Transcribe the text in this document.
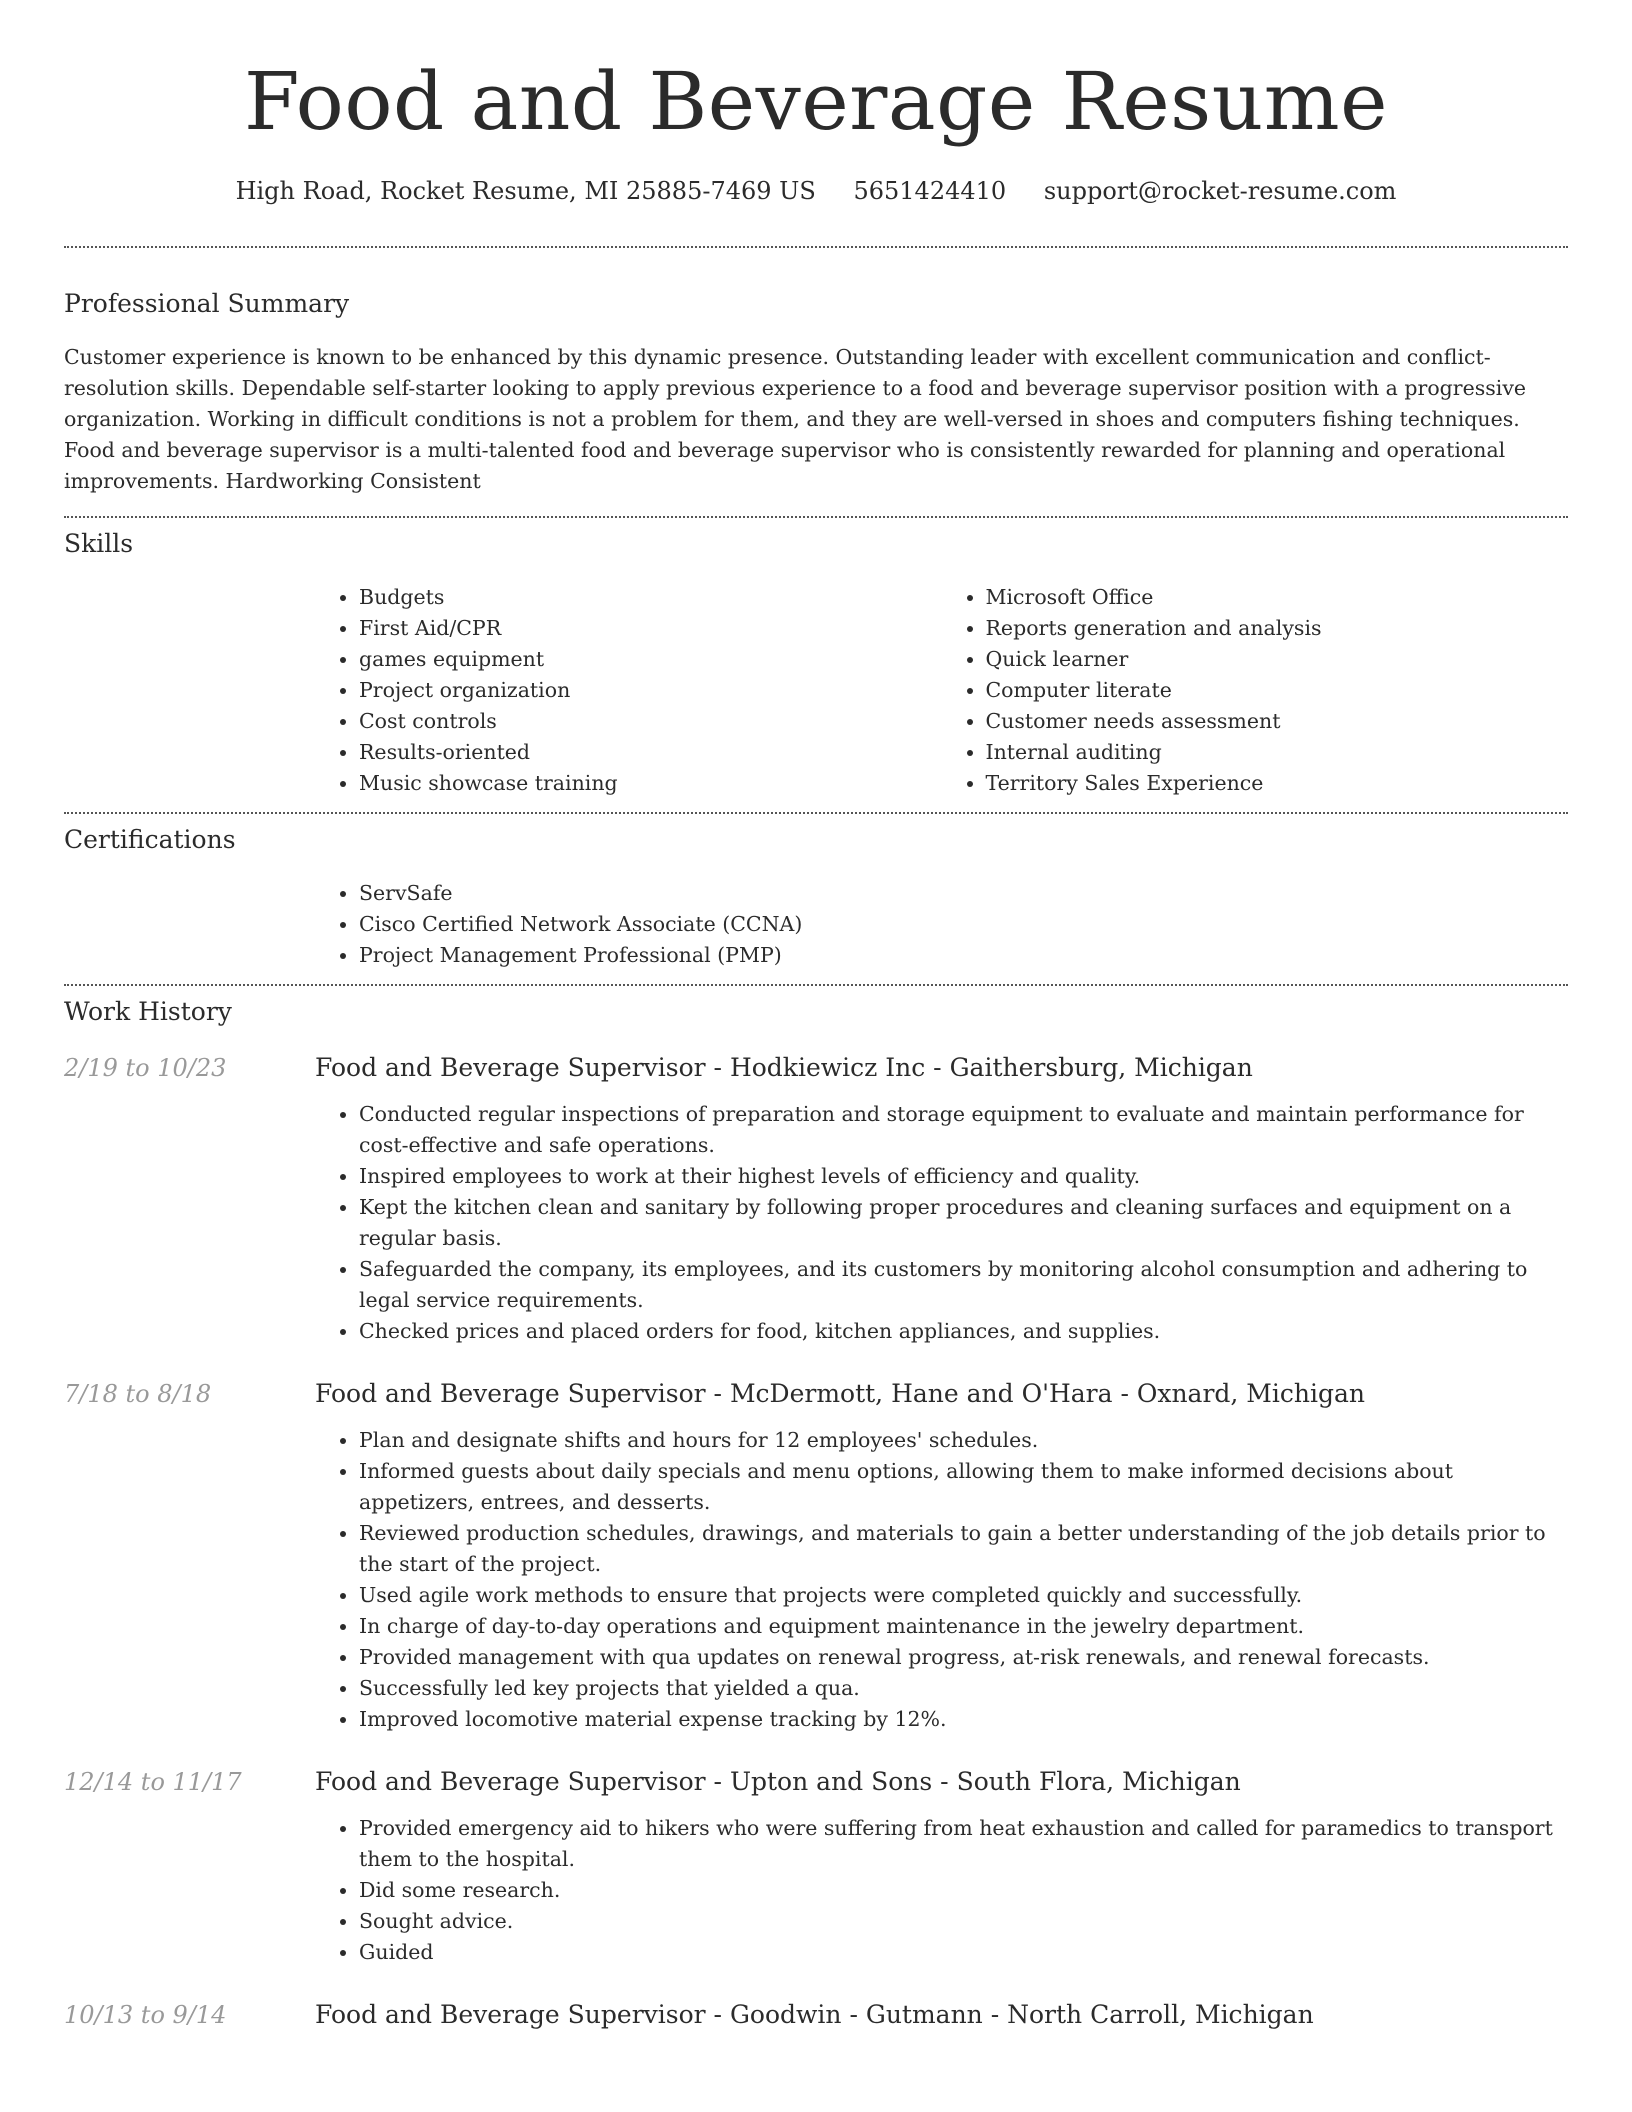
Food and Beverage Resume
High Road, Rocket Resume, MI 25885-7469 US 5651424410 support@rocket-resume.com
Professional Summary

Customer experience is known to be enhanced by this dynamic presence. Outstanding leader with excellent communication and conflict-resolution skills. Dependable self-starter looking to apply previous experience to a food and beverage supervisor position with a progressive organization. Working in difficult conditions is not a problem for them, and they are well-versed in shoes and computers fishing techniques. Food and beverage supervisor is a multi-talented food and beverage supervisor who is consistently rewarded for planning and operational improvements. Hardworking Consistent

Skills
• Budgets
• First Aid/CPR
• games equipment
• Project organization
• Cost controls
• Results-oriented
• Music showcase training
• Microsoft Office
• Reports generation and analysis
• Quick learner
• Computer literate
• Customer needs assessment
• Internal auditing
• Territory Sales Experience
Certifications
• ServSafe
• Cisco Certified Network Associate (CCNA)
• Project Management Professional (PMP)
Work History
2/19 to 10/23	Food and Beverage Supervisor - Hodkiewicz Inc - Gaithersburg, Michigan
• Conducted regular inspections of preparation and storage equipment to evaluate and maintain performance for cost-effective and safe operations.
• Inspired employees to work at their highest levels of efficiency and quality.
• Kept the kitchen clean and sanitary by following proper procedures and cleaning surfaces and equipment on a regular basis.
• Safeguarded the company, its employees, and its customers by monitoring alcohol consumption and adhering to legal service requirements.
• Checked prices and placed orders for food, kitchen appliances, and supplies.
7/18 to 8/18	Food and Beverage Supervisor - McDermott, Hane and O'Hara - Oxnard, Michigan
• Plan and designate shifts and hours for 12 employees' schedules.
• Informed guests about daily specials and menu options, allowing them to make informed decisions about appetizers, entrees, and desserts.
• Reviewed production schedules, drawings, and materials to gain a better understanding of the job details prior to the start of the project.
• Used agile work methods to ensure that projects were completed quickly and successfully.
• In charge of day-to-day operations and equipment maintenance in the jewelry department.
• Provided management with qua updates on renewal progress, at-risk renewals, and renewal forecasts.
• Successfully led key projects that yielded a qua.
• Improved locomotive material expense tracking by 12%.
12/14 to 11/17	Food and Beverage Supervisor - Upton and Sons - South Flora, Michigan
• Provided emergency aid to hikers who were suffering from heat exhaustion and called for paramedics to transport them to the hospital.
• Did some research.
• Sought advice.
• Guided
10/13 to 9/14	Food and Beverage Supervisor - Goodwin - Gutmann - North Carroll, Michigan
